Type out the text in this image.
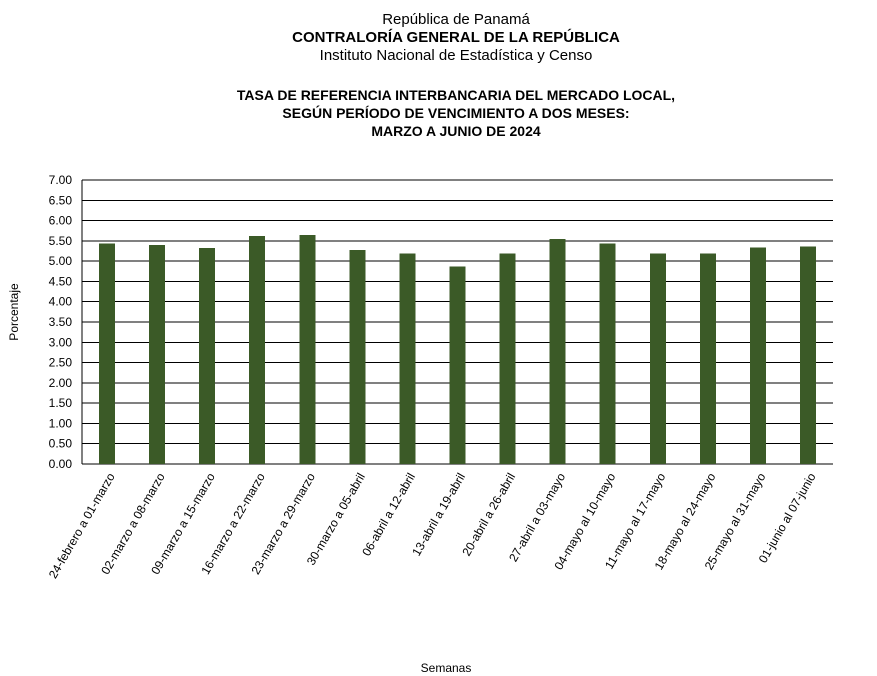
República de Panamá
CONTRALORÍA GENERAL DE LA REPÚBLICA
Instituto Nacional de Estadística y Censo
TASA DE REFERENCIA INTERBANCARIA DEL MERCADO LOCAL,
SEGÚN PERÍODO DE VENCIMIENTO A DOS MESES:
MARZO A JUNIO DE 2024
0.00
0.50
1.00
1.50
2.00
2.50
3.00
3.50
4.00
4.50
5.00
5.50
6.00
6.50
7.00
24-febrero a 01-marzo
02-marzo a 08-marzo
09-marzo a 15-marzo
16-marzo a 22-marzo
23-marzo a 29-marzo
30-marzo a 05-abril
06-abril a 12-abril
13-abril a 19-abril
20-abril a 26-abril
27-abril a 03-mayo
04-mayo al 10-mayo
11-mayo al 17-mayo
18-mayo al 24-mayo
25-mayo al 31-mayo
01-junio al 07-junio
Porcentaje
Semanas
